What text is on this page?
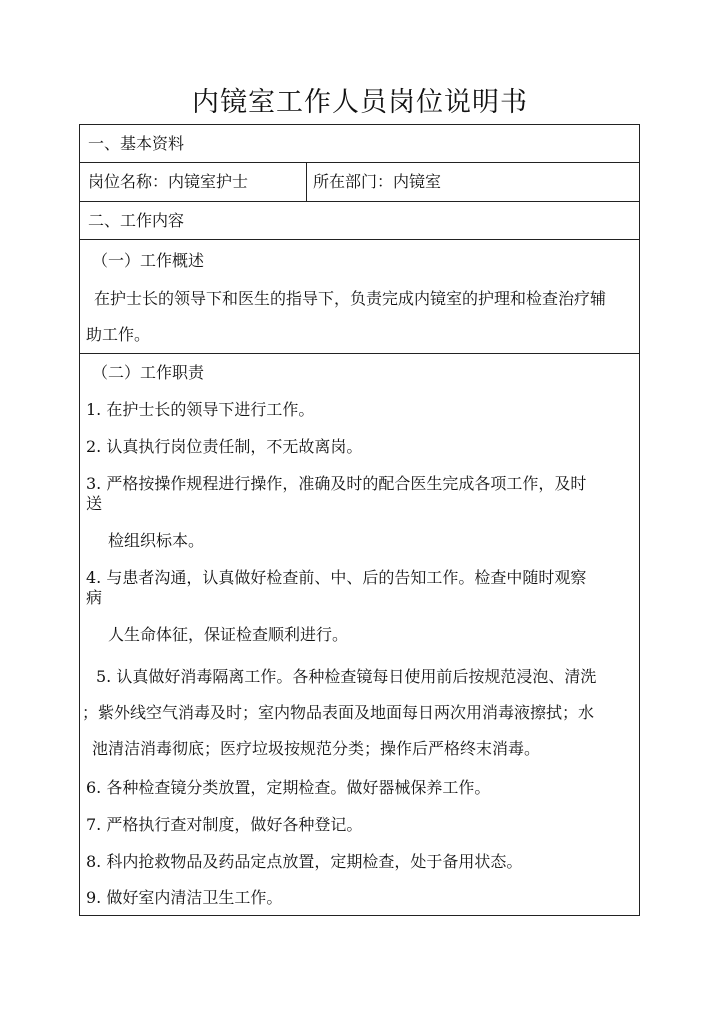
内镜室工作人员岗位说明书
一、基本资料
岗位名称：内镜室护士	所在部门：内镜室
二、工作内容
（一）工作概述
在护士长的领导下和医生的指导下，负责完成内镜室的护理和检查治疗辅
助工作。
（二）工作职责
1. 在护士长的领导下进行工作。
2. 认真执行岗位责任制，不无故离岗。
3. 严格按操作规程进行操作，准确及时的配合医生完成各项工作，及时
送
检组织标本。
4. 与患者沟通，认真做好检查前、中、后的告知工作。检查中随时观察
病
人生命体征，保证检查顺利进行。
5. 认真做好消毒隔离工作。各种检查镜每日使用前后按规范浸泡、清洗
；紫外线空气消毒及时；室内物品表面及地面每日两次用消毒液擦拭；水
池清洁消毒彻底；医疗垃圾按规范分类；操作后严格终末消毒。
6. 各种检查镜分类放置，定期检查。做好器械保养工作。
7. 严格执行查对制度，做好各种登记。
8. 科内抢救物品及药品定点放置，定期检查，处于备用状态。
9. 做好室内清洁卫生工作。
